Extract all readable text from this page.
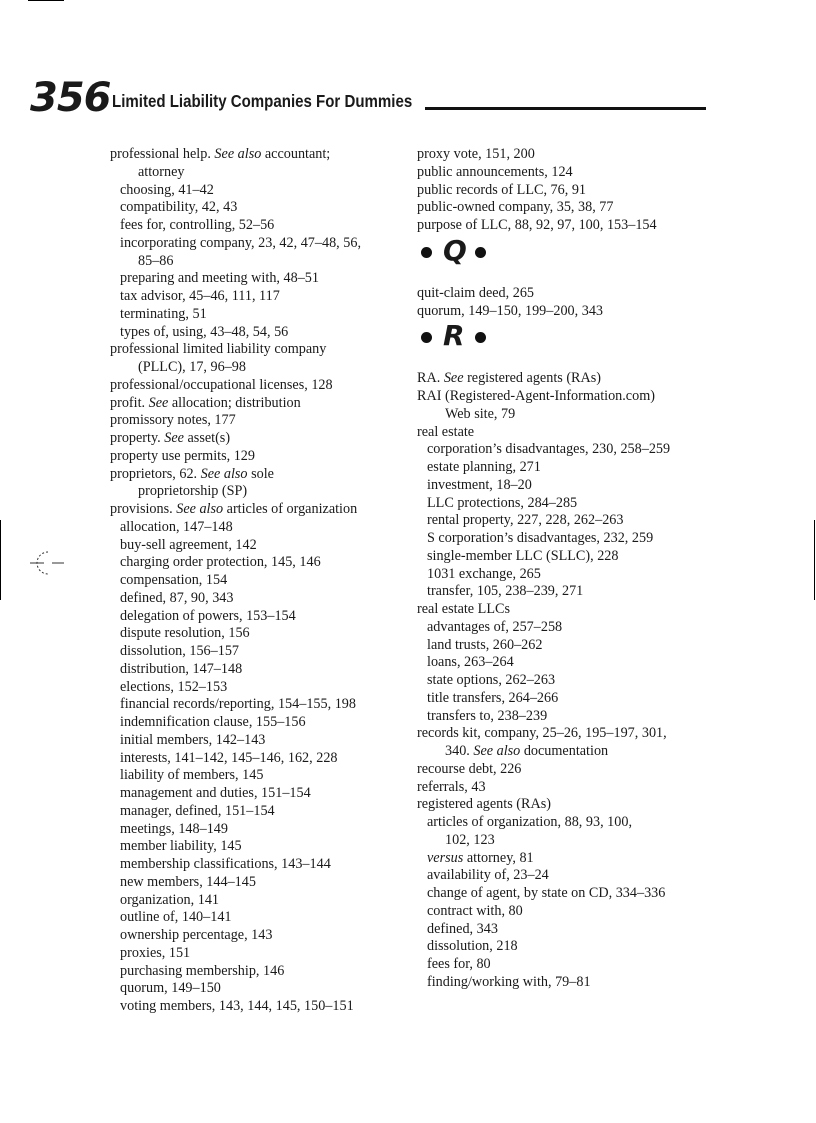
356 Limited Liability Companies For Dummies
professional help. See also accountant;
attorney
choosing, 41–42
compatibility, 42, 43
fees for, controlling, 52–56
incorporating company, 23, 42, 47–48, 56,
85–86
preparing and meeting with, 48–51
tax advisor, 45–46, 111, 117
terminating, 51
types of, using, 43–48, 54, 56
professional limited liability company
(PLLC), 17, 96–98
professional/occupational licenses, 128
profit. See allocation; distribution
promissory notes, 177
property. See asset(s)
property use permits, 129
proprietors, 62. See also sole
proprietorship (SP)
provisions. See also articles of organization
allocation, 147–148
buy-sell agreement, 142
charging order protection, 145, 146
compensation, 154
defined, 87, 90, 343
delegation of powers, 153–154
dispute resolution, 156
dissolution, 156–157
distribution, 147–148
elections, 152–153
financial records/reporting, 154–155, 198
indemnification clause, 155–156
initial members, 142–143
interests, 141–142, 145–146, 162, 228
liability of members, 145
management and duties, 151–154
manager, defined, 151–154
meetings, 148–149
member liability, 145
membership classifications, 143–144
new members, 144–145
organization, 141
outline of, 140–141
ownership percentage, 143
proxies, 151
purchasing membership, 146
quorum, 149–150
voting members, 143, 144, 145, 150–151
proxy vote, 151, 200
public announcements, 124
public records of LLC, 76, 91
public-owned company, 35, 38, 77
purpose of LLC, 88, 92, 97, 100, 153–154
Q
quit-claim deed, 265
quorum, 149–150, 199–200, 343
R
RA. See registered agents (RAs)
RAI (Registered-Agent-Information.com)
Web site, 79
real estate
corporation’s disadvantages, 230, 258–259
estate planning, 271
investment, 18–20
LLC protections, 284–285
rental property, 227, 228, 262–263
S corporation’s disadvantages, 232, 259
single-member LLC (SLLC), 228
1031 exchange, 265
transfer, 105, 238–239, 271
real estate LLCs
advantages of, 257–258
land trusts, 260–262
loans, 263–264
state options, 262–263
title transfers, 264–266
transfers to, 238–239
records kit, company, 25–26, 195–197, 301,
340. See also documentation
recourse debt, 226
referrals, 43
registered agents (RAs)
articles of organization, 88, 93, 100,
102, 123
versus attorney, 81
availability of, 23–24
change of agent, by state on CD, 334–336
contract with, 80
defined, 343
dissolution, 218
fees for, 80
finding/working with, 79–81
